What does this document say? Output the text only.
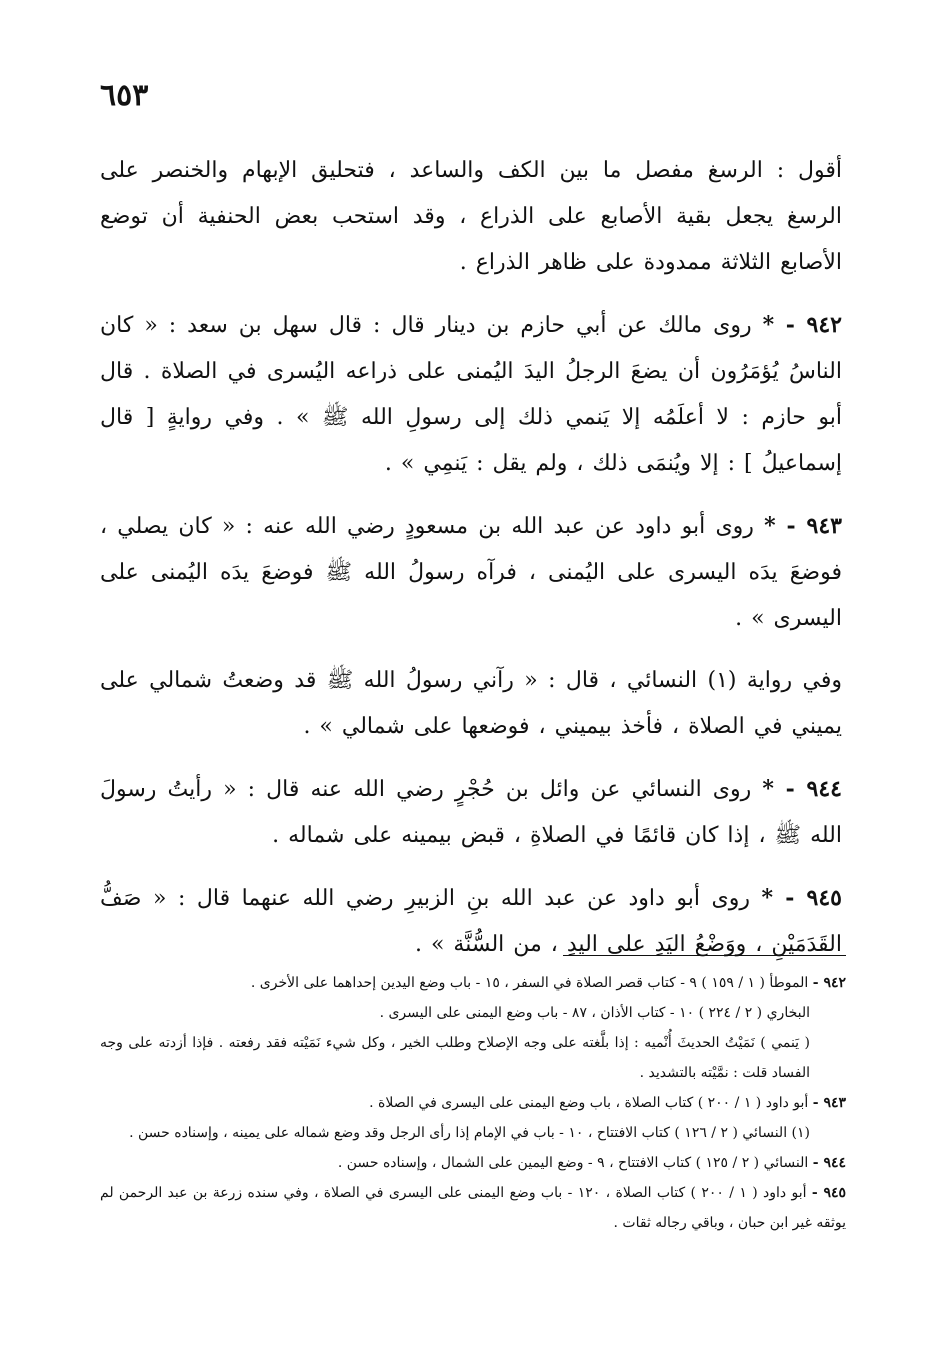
٦٥٣

أقول : الرسغ مفصل ما بين الكف والساعد ، فتحليق الإبهام والخنصر على الرسغ يجعل بقية الأصابع على الذراع ، وقد استحب بعض الحنفية أن توضع الأصابع الثلاثة ممدودة على ظاهر الذراع .

٩٤٢ - * روى مالك عن أبي حازم بن دينار قال : قال سهل بن سعد : « كان الناسُ يُؤمَرُون أن يضعَ الرجلُ اليدَ اليُمنى على ذراعه اليُسرى في الصلاة . قال أبو حازم : لا أعلَمُه إلا يَنمي ذلك إلى رسولِ الله ﷺ » . وفي روايةٍ [ قال إسماعيلُ ] : إلا ويُنمَى ذلك ، ولم يقل : يَنمِي » .

٩٤٣ - * روى أبو داود عن عبد الله بن مسعودٍ رضي الله عنه : « كان يصلي ، فوضعَ يدَه اليسرى على اليُمنى ، فرآه رسولُ الله ﷺ فوضعَ يدَه اليُمنى على اليسرى » .

وفي رواية (١) النسائي ، قال : « رآني رسولُ الله ﷺ قد وضعتُ شمالي على يميني في الصلاة ، فأخذ بيميني ، فوضعها على شمالي » .

٩٤٤ - * روى النسائي عن وائل بن حُجْرٍ رضي الله عنه قال : « رأيتُ رسولَ الله ﷺ ، إذا كان قائمًا في الصلاةِ ، قبض بيمينه على شماله .

٩٤٥ - * روى أبو داود عن عبد الله بنِ الزبيرِ رضي الله عنهما قال : « صَفُّ القَدَمَيْنِ ، ووَضْعُ اليَدِ على اليدِ ، من السُّنَّة » .

٩٤٢ - الموطأ ( ١ / ١٥٩ ) ٩ - كتاب قصر الصلاة في السفر ، ١٥ - باب وضع اليدين إحداهما على الأخرى .

البخاري ( ٢ / ٢٢٤ ) ١٠ - كتاب الأذان ، ٨٧ - باب وضع اليمنى على اليسرى .

( يَنمي ) نَمَيْتُ الحديثَ أُنْميه : إذا بلَّغته على وجه الإصلاح وطلب الخير ، وكل شيء نَمَيْته فقد رفعته . فإذا أزدته على وجه الفساد قلت : نمَّيْته بالتشديد .

٩٤٣ - أبو داود ( ١ / ٢٠٠ ) كتاب الصلاة ، باب وضع اليمنى على اليسرى في الصلاة .

(١) النسائي ( ٢ / ١٢٦ ) كتاب الافتتاح ، ١٠ - باب في الإمام إذا رأى الرجل وقد وضع شماله على يمينه ، وإسناده حسن .

٩٤٤ - النسائي ( ٢ / ١٢٥ ) كتاب الافتتاح ، ٩ - وضع اليمين على الشمال ، وإسناده حسن .

٩٤٥ - أبو داود ( ١ / ٢٠٠ ) كتاب الصلاة ، ١٢٠ - باب وضع اليمنى على اليسرى في الصلاة ، وفي سنده زرعة بن عبد الرحمن لم يوثقه غير ابن حبان ، وباقي رجاله ثقات .
